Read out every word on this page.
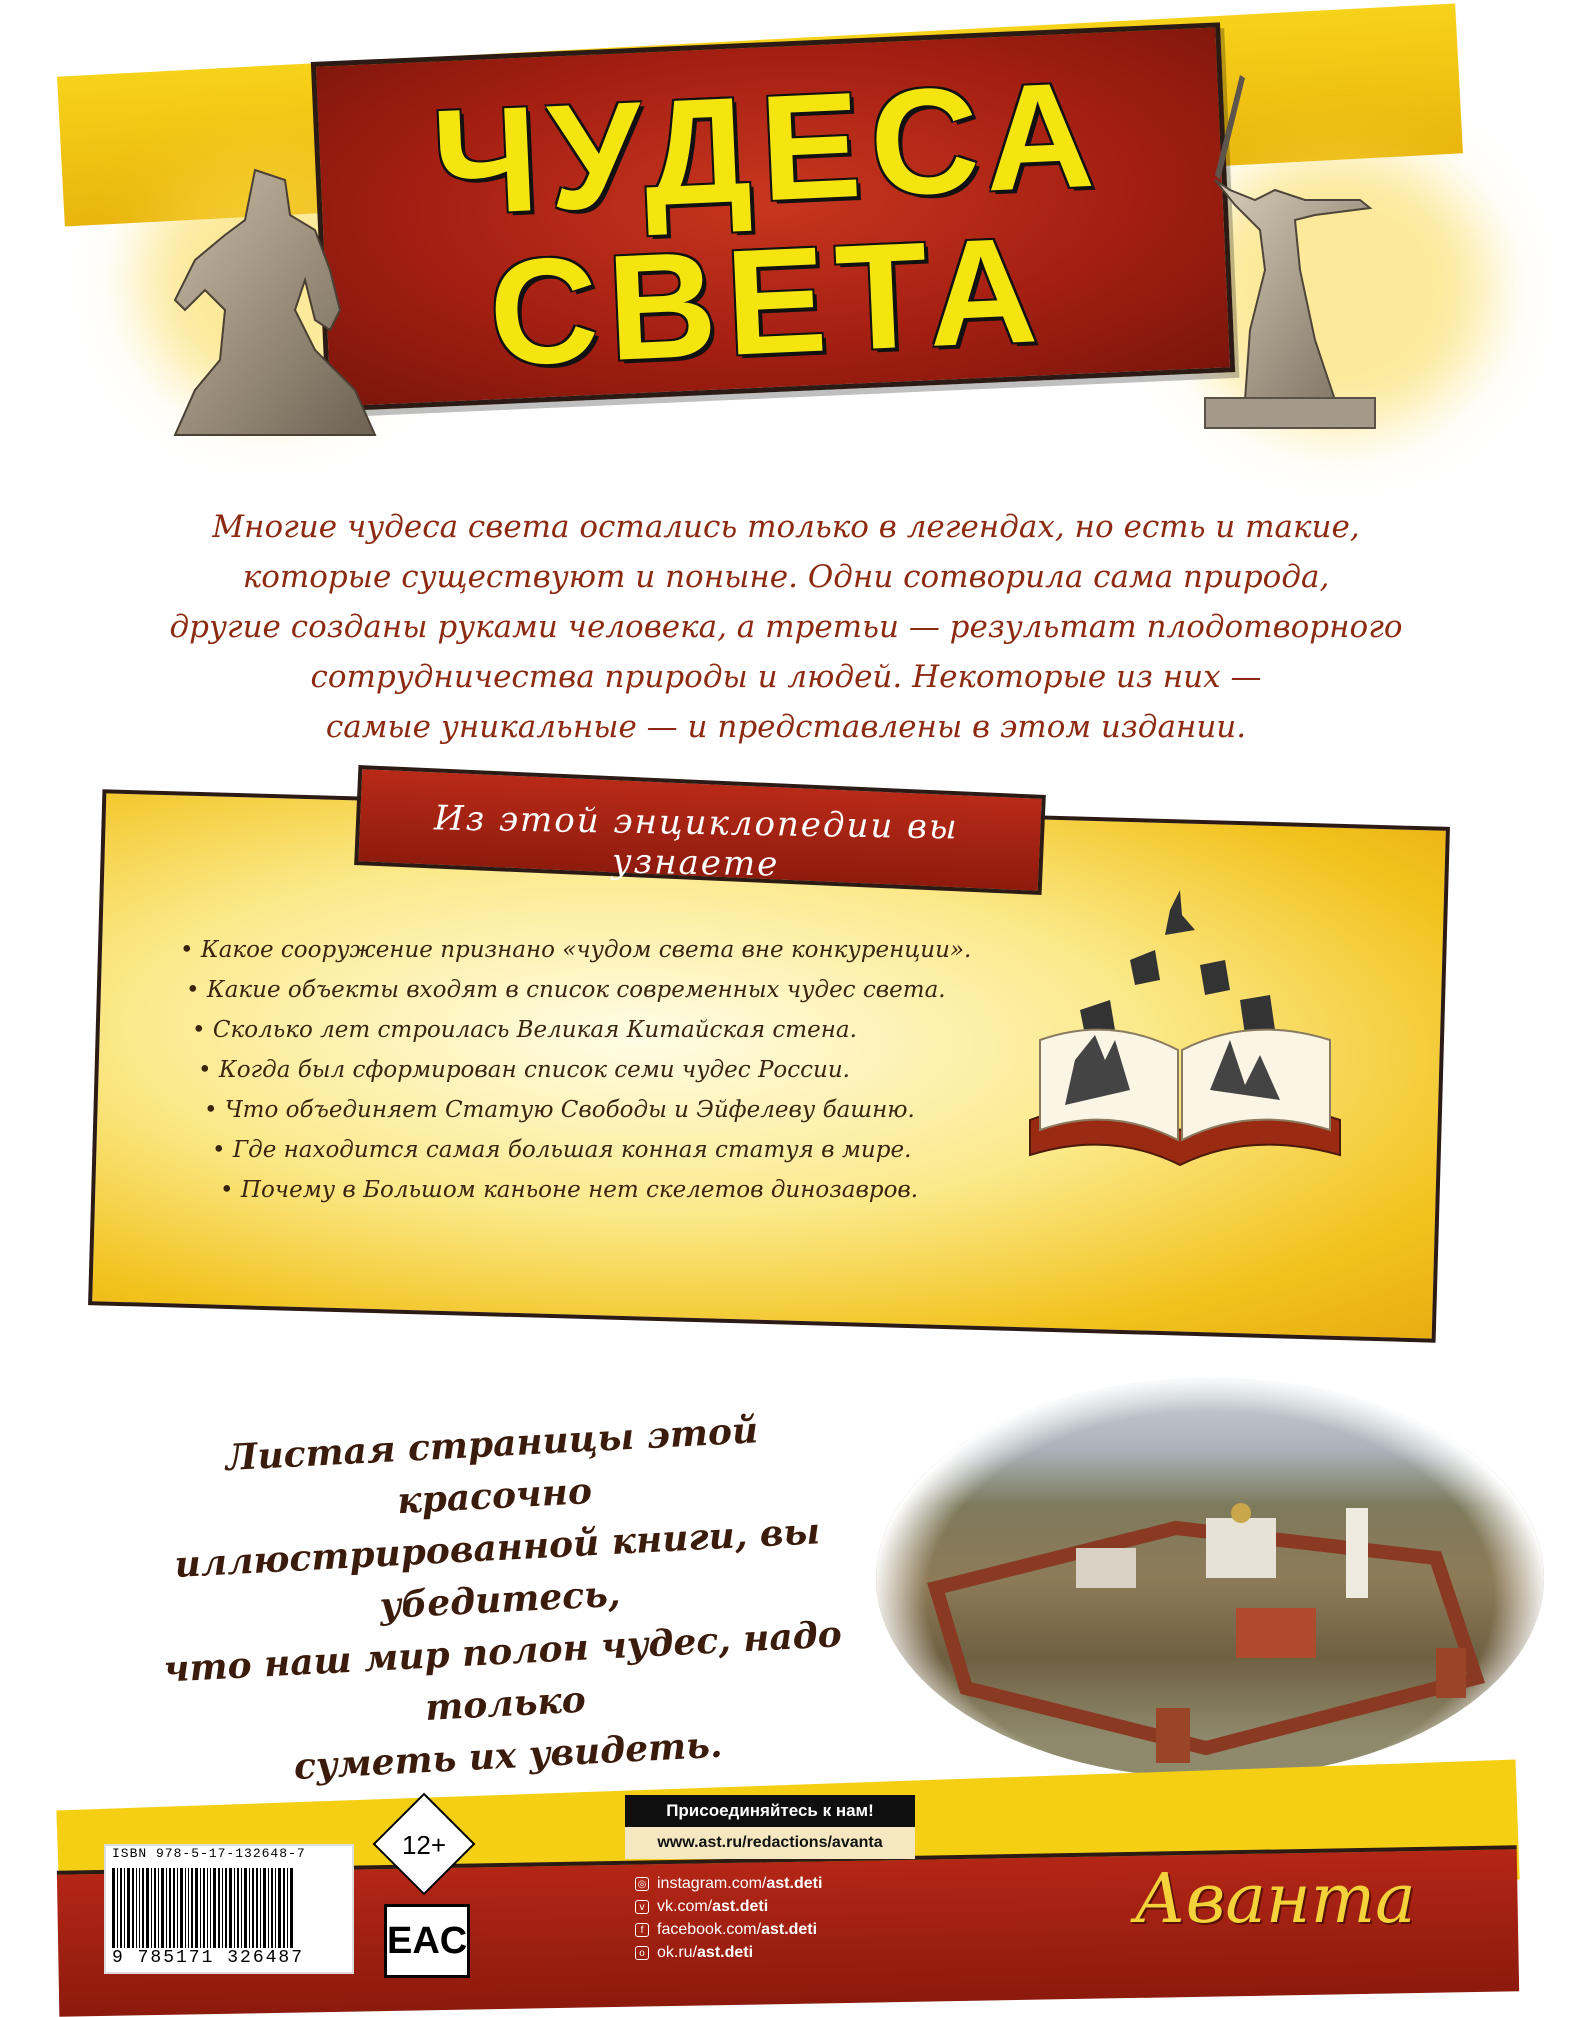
ЧУДЕСА
СВЕТА
Многие чудеса света остались только в легендах, но есть и такие,
которые существуют и поныне. Одни сотворила сама природа,
другие созданы руками человека, а третьи — результат плодотворного
сотрудничества природы и людей. Некоторые из них —
самые уникальные — и представлены в этом издании.
Из этой энциклопедии вы узнаете
• Какое сооружение признано «чудом света вне конкуренции».
• Какие объекты входят в список современных чудес света.
• Сколько лет строилась Великая Китайская стена.
• Когда был сформирован список семи чудес России.
• Что объединяет Статую Свободы и Эйфелеву башню.
• Где находится самая большая конная статуя в мире.
• Почему в Большом каньоне нет скелетов динозавров.
Листая страницы этой красочно
иллюстрированной книги, вы убедитесь,
что наш мир полон чудес, надо только
суметь их увидеть.
ISBN 978-5-17-132648-7
9 785171 326487
12+
EAC
Присоединяйтесь к нам!
www.ast.ru/redactions/avanta
◎ instagram.com/ ast.deti
v vk.com/ ast.deti
f facebook.com/ ast.deti
o ok.ru/ ast.deti
Аванта
